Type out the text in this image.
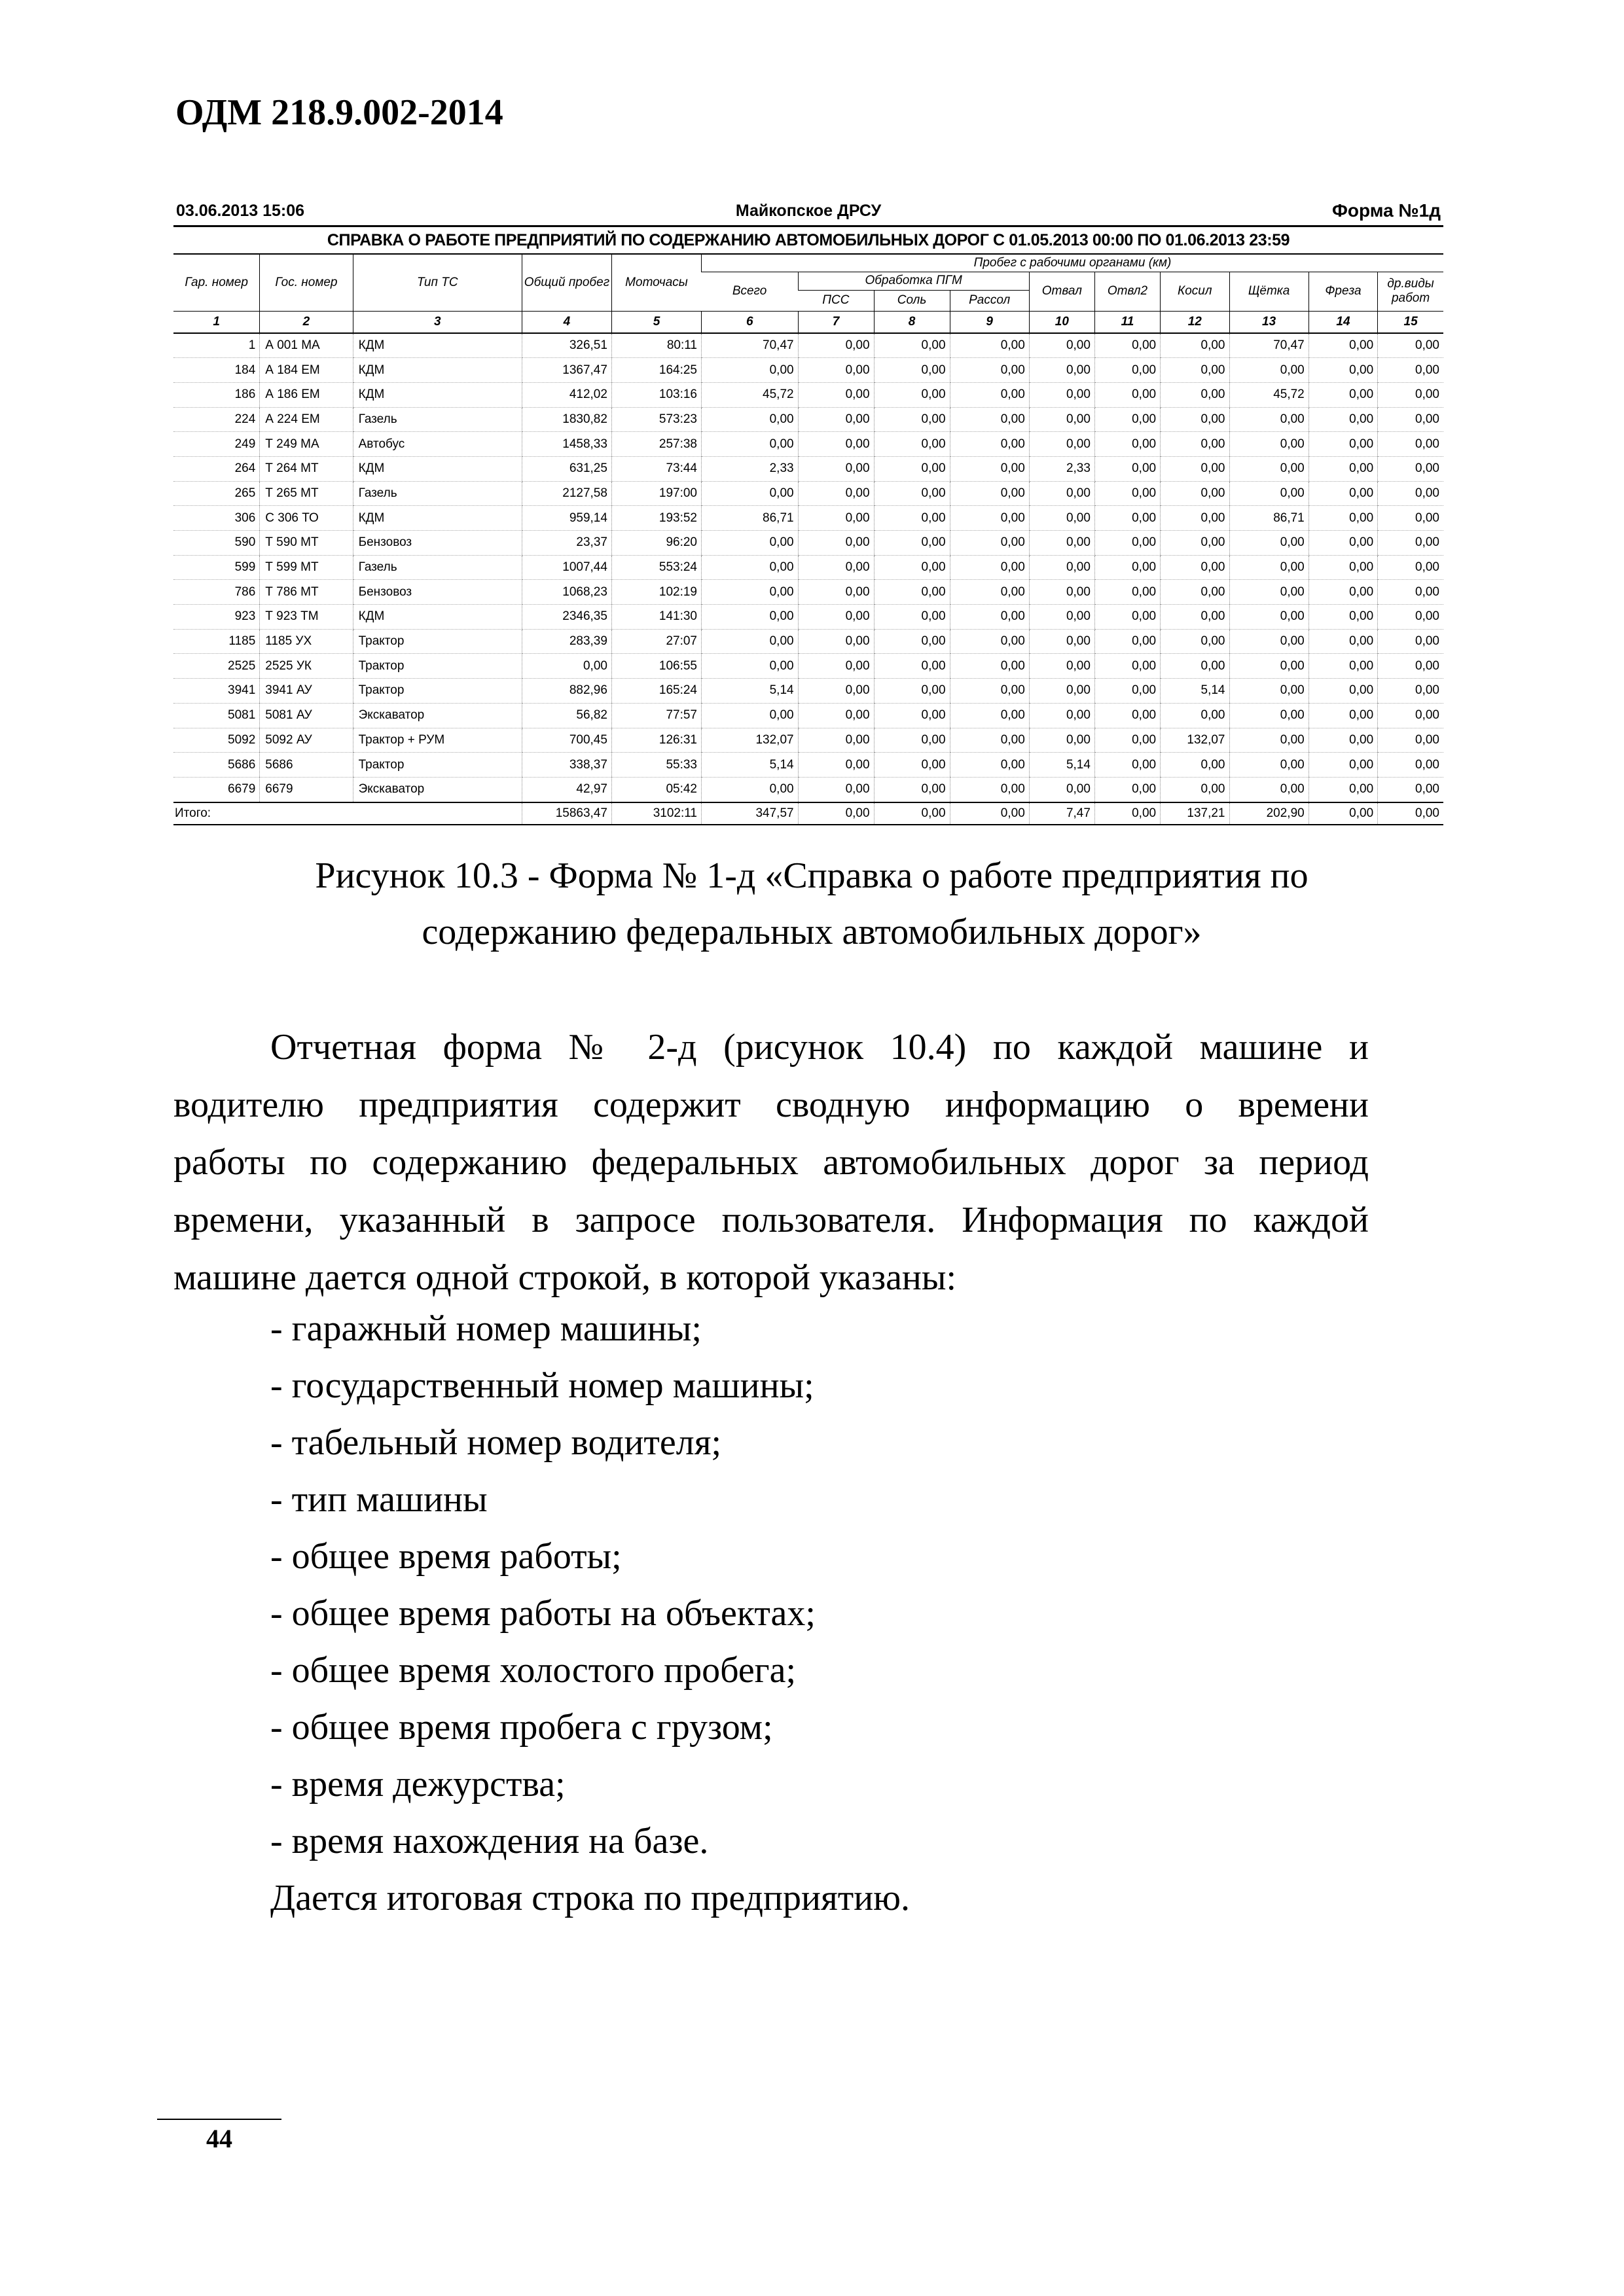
ОДМ 218.9.002-2014
03.06.2013 15:06	Майкопское ДРСУ	Форма №1д
СПРАВКА О РАБОТЕ ПРЕДПРИЯТИЙ ПО СОДЕРЖАНИЮ АВТОМОБИЛЬНЫХ ДОРОГ С 01.05.2013 00:00 ПО 01.06.2013 23:59
Гар. номер	Гос. номер	Тип ТС	Общий пробег	Моточасы	Пробег с рабочими органами (км)									
					Всего	Обработка ПГМ			Отвал	Отвл2	Косил	Щётка	Фреза	др.виды работ
						ПСС	Соль	Рассол						
1	2	3	4	5	6	7	8	9	10	11	12	13	14	15
1	А 001 МА	КДМ	326,51	80:11	70,47	0,00	0,00	0,00	0,00	0,00	0,00	70,47	0,00	0,00
184	А 184 ЕМ	КДМ	1367,47	164:25	0,00	0,00	0,00	0,00	0,00	0,00	0,00	0,00	0,00	0,00
186	А 186 ЕМ	КДМ	412,02	103:16	45,72	0,00	0,00	0,00	0,00	0,00	0,00	45,72	0,00	0,00
224	А 224 ЕМ	Газель	1830,82	573:23	0,00	0,00	0,00	0,00	0,00	0,00	0,00	0,00	0,00	0,00
249	Т 249 МА	Автобус	1458,33	257:38	0,00	0,00	0,00	0,00	0,00	0,00	0,00	0,00	0,00	0,00
264	Т 264 МТ	КДМ	631,25	73:44	2,33	0,00	0,00	0,00	2,33	0,00	0,00	0,00	0,00	0,00
265	Т 265 МТ	Газель	2127,58	197:00	0,00	0,00	0,00	0,00	0,00	0,00	0,00	0,00	0,00	0,00
306	С 306 ТО	КДМ	959,14	193:52	86,71	0,00	0,00	0,00	0,00	0,00	0,00	86,71	0,00	0,00
590	Т 590 МТ	Бензовоз	23,37	96:20	0,00	0,00	0,00	0,00	0,00	0,00	0,00	0,00	0,00	0,00
599	Т 599 МТ	Газель	1007,44	553:24	0,00	0,00	0,00	0,00	0,00	0,00	0,00	0,00	0,00	0,00
786	Т 786 МТ	Бензовоз	1068,23	102:19	0,00	0,00	0,00	0,00	0,00	0,00	0,00	0,00	0,00	0,00
923	Т 923 ТМ	КДМ	2346,35	141:30	0,00	0,00	0,00	0,00	0,00	0,00	0,00	0,00	0,00	0,00
1185	1185 УХ	Трактор	283,39	27:07	0,00	0,00	0,00	0,00	0,00	0,00	0,00	0,00	0,00	0,00
2525	2525 УК	Трактор	0,00	106:55	0,00	0,00	0,00	0,00	0,00	0,00	0,00	0,00	0,00	0,00
3941	3941 АУ	Трактор	882,96	165:24	5,14	0,00	0,00	0,00	0,00	0,00	5,14	0,00	0,00	0,00
5081	5081 АУ	Экскаватор	56,82	77:57	0,00	0,00	0,00	0,00	0,00	0,00	0,00	0,00	0,00	0,00
5092	5092 АУ	Трактор + РУМ	700,45	126:31	132,07	0,00	0,00	0,00	0,00	0,00	132,07	0,00	0,00	0,00
5686	5686	Трактор	338,37	55:33	5,14	0,00	0,00	0,00	5,14	0,00	0,00	0,00	0,00	0,00
6679	6679	Экскаватор	42,97	05:42	0,00	0,00	0,00	0,00	0,00	0,00	0,00	0,00	0,00	0,00
Итого:			15863,47	3102:11	347,57	0,00	0,00	0,00	7,47	0,00	137,21	202,90	0,00	0,00
Рисунок 10.3 - Форма № 1-д «Справка о работе предприятия по
содержанию федеральных автомобильных дорог»
Отчетная форма № 2-д (рисунок 10.4) по каждой машине и
водителю предприятия содержит сводную информацию о времени
работы по содержанию федеральных автомобильных дорог за период
времени, указанный в запросе пользователя. Информация по каждой
машине дается одной строкой, в которой указаны:
- гаражный номер машины;
- государственный номер машины;
- табельный номер водителя;
- тип машины
- общее время работы;
- общее время работы на объектах;
- общее время холостого пробега;
- общее время пробега с грузом;
- время дежурства;
- время нахождения на базе.
Дается итоговая строка по предприятию.
44
